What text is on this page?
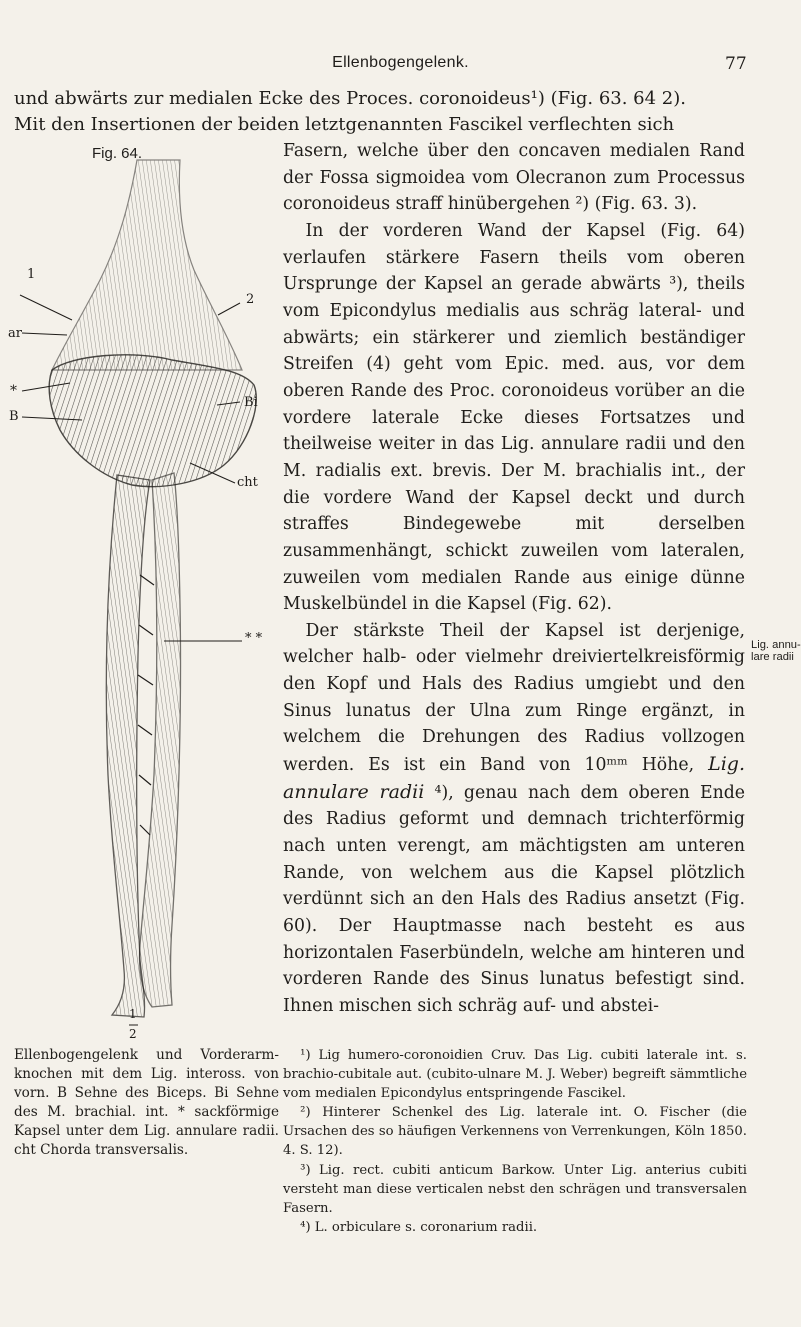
Ellenbogengelenk.	77
und abwärts zur medialen Ecke des Proces. coronoideus¹) (Fig. 63. 64 2).
Mit den Insertionen der beiden letztgenannten Fascikel verflechten sich
Fig. 64.
1
ar
*
B
2
Bi
cht
* *
1
2

Fasern, welche über den concaven medialen Rand der Fossa sigmoidea vom Olecranon zum Processus coronoideus straff hinübergehen ²) (Fig. 63. 3).

In der vorderen Wand der Kapsel (Fig. 64) verlaufen stärkere Fasern theils vom oberen Ursprunge der Kapsel an gerade abwärts ³), theils vom Epicondylus medialis aus schräg lateral- und abwärts; ein stärkerer und ziemlich beständiger Streifen (4) geht vom Epic. med. aus, vor dem oberen Rande des Proc. coronoideus vorüber an die vordere laterale Ecke dieses Fortsatzes und theilweise weiter in das Lig. annulare radii und den M. radialis ext. brevis. Der M. brachialis int., der die vordere Wand der Kapsel deckt und durch straffes Bindegewebe mit derselben zusammenhängt, schickt zuweilen vom lateralen, zuweilen vom medialen Rande aus einige dünne Muskelbündel in die Kapsel (Fig. 62).

Der stärkste Theil der Kapsel ist derjenige, welcher halb- oder vielmehr dreiviertelkreisförmig den Kopf und Hals des Radius umgiebt und den Sinus lunatus der Ulna zum Ringe ergänzt, in welchem die Drehungen des Radius vollzogen werden. Es ist ein Band von 10ᵐᵐ Höhe, Lig. annulare radii ⁴), genau nach dem oberen Ende des Radius geformt und demnach trichterförmig nach unten verengt, am mächtigsten am unteren Rande, von welchem aus die Kapsel plötzlich verdünnt sich an den Hals des Radius ansetzt (Fig. 60). Der Hauptmasse nach besteht es aus horizontalen Faserbündeln, welche am hinteren und vorderen Rande des Sinus lunatus befestigt sind. Ihnen mischen sich schräg auf- und abstei-

Lig. annulare radii
Ellenbogengelenk und Vorderarmknochen mit dem Lig. inteross. von vorn. B Sehne des Biceps. Bi Sehne des M. brachial. int. * sackförmige Kapsel unter dem Lig. annulare radii. cht Chorda transversalis.

¹) Lig humero-coronoidien Cruv. Das Lig. cubiti laterale int. s. brachio-cubitale aut. (cubito-ulnare M. J. Weber) begreift sämmtliche vom medialen Epicondylus entspringende Fascikel.

²) Hinterer Schenkel des Lig. laterale int. O. Fischer (die Ursachen des so häufigen Verkennens von Verrenkungen, Köln 1850. 4. S. 12).

³) Lig. rect. cubiti anticum Barkow. Unter Lig. anterius cubiti versteht man diese verticalen nebst den schrägen und transversalen Fasern.

⁴) L. orbiculare s. coronarium radii.
